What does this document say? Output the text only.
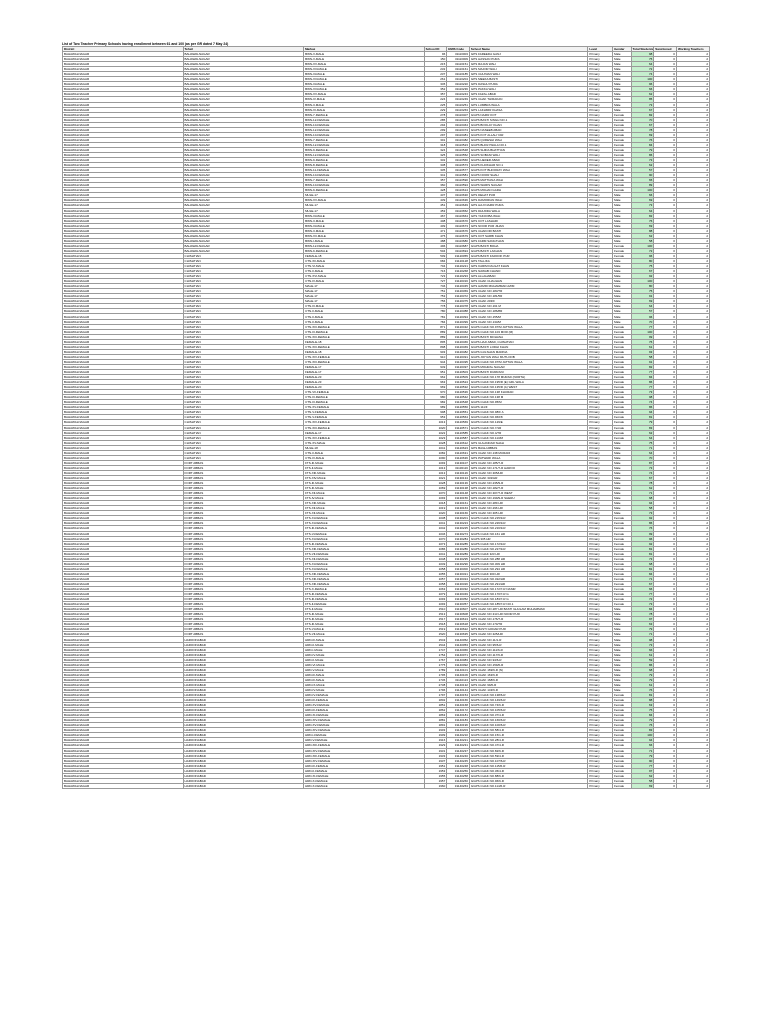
List of Two Teacher Primary Schools having enrollment between 61 and 100 (as per GR dated 7 May 24)
District	Tehsil	Markaz	School ID	EMIS Code	School Name	Level	Gender	Total Students	Sanctioned	Working Teachers
BAHAWALNAGAR	BAHAWALNAGAR	BWN-V-MALE	96	31110003	GPS FAREEDA GANJ	Primary	Male	98	0	2
BAHAWALNAGAR	BAHAWALNAGAR	BWN-V-MALE	150	31110009	GPS HASSAN PURA	Primary	Male	75	0	2
BAHAWALNAGAR	BAHAWALNAGAR	BWN-XV-MALE	215	31110151	GPS RAJAN WALI	Primary	Male	64	0	2
BAHAWALNAGAR	BAHAWALNAGAR	BWN-XIII-MALE	232	31110161	GPS MAJOR WALI	Primary	Male	72	0	2
BAHAWALNAGAR	BAHAWALNAGAR	BWN-III-MALE	237	31110185	GPS CHUNIAN WALI	Primary	Male	74	0	2
BAHAWALNAGAR	BAHAWALNAGAR	BWN-XIII-MALE	261	31110204	GPS MEEKA BASTI	Primary	Male	100	0	2
BAHAWALNAGAR	BAHAWALNAGAR	BWN-III-MALE	345	31110220	GPS DASHU PURA	Primary	Male	96	0	2
BAHAWALNAGAR	BAHAWALNAGAR	BWN-XIII-MALE	352	31110236	GPS PAKKA WALI	Primary	Male	66	0	2
BAHAWALNAGAR	BAHAWALNAGAR	BWN-XV-MALE	357	31110243	GPS FAZAL ABAD	Primary	Male	62	0	2
BAHAWALNAGAR	BAHAWALNAGAR	BWN-IV-MALE	224	31110249	GPS CHAK THIRAKAN	Primary	Male	85	0	2
BAHAWALNAGAR	BAHAWALNAGAR	BWN-II-MALE	225	31110251	GPS LUMBRA WALA	Primary	Male	73	0	2
BAHAWALNAGAR	BAHAWALNAGAR	BWN-XI-MALE	229	31110263	GPS LAKHMIR KHASA	Primary	Male	67	0	2
BAHAWALNAGAR	BAHAWALNAGAR	BWN-7-FEMALE	278	31110407	GGPS NAZIR KOT	Primary	Female	82	0	2
BAHAWALNAGAR	BAHAWALNAGAR	BWN-12-FEMALE	285	31110423	GGPS BASTI SINGH NO.1	Primary	Female	70	0	2
BAHAWALNAGAR	BAHAWALNAGAR	BWN-10-FEMALE	294	31110464	GGPS BOOLAY KHAN	Primary	Female	67	0	2
BAHAWALNAGAR	BAHAWALNAGAR	BWN-12-FEMALE	299	31110474	GGPS NASEEB ABAD	Primary	Female	78	0	2
BAHAWALNAGAR	BAHAWALNAGAR	BWN-10-FEMALE	297	31110481	GGPS KOT ALLAH YAR	Primary	Female	69	0	2
BAHAWALNAGAR	BAHAWALNAGAR	BWN-7-FEMALE	301	31110482	GGPS QURESHI WALI	Primary	Female	76	0	2
BAHAWALNAGAR	BAHAWALNAGAR	BWN-12-FEMALE	318	31110523	GGPS BHOLYWALA NO.1	Primary	Female	84	0	2
BAHAWALNAGAR	BAHAWALNAGAR	BWN-9-FEMALE	324	31110548	GGPS SHIDA BHATTIAN	Primary	Female	79	0	2
BAHAWALNAGAR	BAHAWALNAGAR	BWN-12-FEMALE	325	31110552	GGPS SOBANI WALI	Primary	Female	86	0	2
BAHAWALNAGAR	BAHAWALNAGAR	BWN-9-FEMALE	332	31110560	GGPS HEDER ABAD	Primary	Female	73	0	2
BAHAWALNAGAR	BAHAWALNAGAR	BWN-8-FEMALE	338	31110573	GGPS KHOKHAR NO.1	Primary	Female	62	0	2
BAHAWALNAGAR	BAHAWALNAGAR	BWN-11-FEMALE	335	31110577	GGPS KOT BHOORAY WALI	Primary	Female	57	0	2
BAHAWALNAGAR	BAHAWALNAGAR	BWN-10-FEMALE	341	31110581	GGPS NOOR SHAH	Primary	Female	90	0	2
BAHAWALNAGAR	BAHAWALNAGAR	BWN-7-FEMALE	357	31110590	GGPS MATTIANA WALI	Primary	Female	65	0	2
BAHAWALNAGAR	BAHAWALNAGAR	BWN-10-FEMALE	360	31110594	GGPS WARIS NAGAR	Primary	Female	89	0	2
BAHAWALNAGAR	BAHAWALNAGAR	BWN-9-FEMALE	428	31110614	GGPS MOHAN GARH	Primary	Female	100	0	2
BAHAWALNAGAR	BAHAWALNAGAR	MULE-17	437	31110630	GPS DEHAT PUR	Primary	Male	66	0	2
BAHAWALNAGAR	BAHAWALNAGAR	BWN-XV-MALE	439	31110636	GPS DAMORIAN WALI	Primary	Male	69	0	2
BAHAWALNAGAR	BAHAWALNAGAR	MULE-17	451	31110649	GPS HAJI NAZIR PURA	Primary	Male	73	0	2
BAHAWALNAGAR	BAHAWALNAGAR	MULE-17	453	31110652	GPS DHUDDA WALA	Primary	Male	64	0	2
BAHAWALNAGAR	BAHAWALNAGAR	BWN-III-MALE	467	31110664	GPS YAKOOBA WALI	Primary	Male	82	0	2
BAHAWALNAGAR	BAHAWALNAGAR	BWN-II-MALE	408	31110670	GPS KOT LASHARI	Primary	Male	76	0	2
BAHAWALNAGAR	BAHAWALNAGAR	BWN-III-MALE	409	31110673	GPS NOOR PUR JIHAN	Primary	Male	69	0	2
BAHAWALNAGAR	BAHAWALNAGAR	BWN-II-MALE	471	31110676	GPS CHAKORI BASTI	Primary	Male	88	0	2
BAHAWALNAGAR	BAHAWALNAGAR	BWN-XII-MALE	475	31110679	GPS KOT SARBI KHAN	Primary	Male	62	0	2
BAHAWALNAGAR	BAHAWALNAGAR	BWN-I-MALE	488	31110680	GPS FARM SANGTHAN	Primary	Male	58	0	2
BAHAWALNAGAR	BAHAWALNAGAR	BWN-12-FEMALE	496	31110687	GGPS BASTI BOHA	Primary	Female	100	0	2
BAHAWALNAGAR	BAHAWALNAGAR	BWN-9-FEMALE	504	31110694	GGPS BASTI LAKHAN	Primary	Female	72	0	2
BAHAWALNAGAR	CHISHTIAN	FEMALE-18	509	31120055	GGPS BASTI FAROOK PUR	Primary	Female	96	0	2
BAHAWALNAGAR	CHISHTIAN	CTN-XII-MALE	684	31120128	GPS TALLIKA	Primary	Male	80	0	2
BAHAWALNAGAR	CHISHTIAN	CTN-VI-MALE	704	31120221	GPS KARIM DAULAT KHAN	Primary	Male	75	0	2
BAHAWALNAGAR	CHISHTIAN	CTN-II-MALE	716	31120268	GPS NAWAB CHAND	Primary	Male	67	0	2
BAHAWALNAGAR	CHISHTIAN	CTN-XVI-MALE	723	31120293	GPS ALLAHABAD	Primary	Male	92	0	2
BAHAWALNAGAR	CHISHTIAN	CTN-IV-MALE	727	31120316	GPS CHAK CHAUHAN	Primary	Male	100	0	2
BAHAWALNAGAR	CHISHTIAN	MALE-17	746	31120345	GPS HAMID MUHAMMAD AZIM	Primary	Male	80	0	2
BAHAWALNAGAR	CHISHTIAN	MALE-17	751	31120369	GPS CHAK NO.183/7R	Primary	Male	75	0	2
BAHAWALNAGAR	CHISHTIAN	MALE-17	753	31120372	GPS CHAK NO.181/5R	Primary	Male	91	0	2
BAHAWALNAGAR	CHISHTIAN	MALE-17	756	31120375	GPS CHAK 203/F	Primary	Male	69	0	2
BAHAWALNAGAR	CHISHTIAN	CTN-III-MALE	778	31120378	GPS CHAK NO.161 M	Primary	Male	64	0	2
BAHAWALNAGAR	CHISHTIAN	CTN-II-MALE	780	31120388	GPS CHAK NO.186/8R	Primary	Male	57	0	2
BAHAWALNAGAR	CHISHTIAN	CTN-II-MALE	781	31120394	GPS CHAK NO.155/M	Primary	Male	96	0	2
BAHAWALNAGAR	CHISHTIAN	CTN-II-MALE	784	31120399	GPS CHAK NO.133/M	Primary	Male	70	0	2
BAHAWALNAGAR	CHISHTIAN	CTN-XIII-FEMALE	871	31120432	GGPS CHAK NO.97/M JATTAN WALA	Primary	Female	77	0	2
BAHAWALNAGAR	CHISHTIAN	CTN-III-FEMALE	889	31120462	GGPS CHAK NO.103 MOR (M)	Primary	Female	100	0	2
BAHAWALNAGAR	CHISHTIAN	CTN-XIII-FEMALE	889	31120463	GGPS BASTI MOHANA	Primary	Female	99	0	2
BAHAWALNAGAR	CHISHTIAN	FEMALE-18	895	31120466	GGPS HAJI ABAD, CHISHTIAN	Primary	Female	76	0	2
BAHAWALNAGAR	CHISHTIAN	CTN-XIII-FEMALE	898	31120469	GGPS BASTI LODHI KHAN	Primary	Female	61	0	2
BAHAWALNAGAR	CHISHTIAN	FEMALE-18	903	31120482	GGPS GULSHAN MADINA	Primary	Female	93	0	2
BAHAWALNAGAR	CHISHTIAN	CTN-XIV-FEMALE	910	31120491	GGPS JOIYAN WALI MUTLOOB	Primary	Female	58	0	2
BAHAWALNAGAR	CHISHTIAN	CTN-XIII-FEMALE	944	31120495	GGPS CHAK NO.97/M JATTAN WALA	Primary	Female	91	0	2
BAHAWALNAGAR	CHISHTIAN	FEMALE-17	949	31120497	GGPS MOHRAL NAGAR	Primary	Female	82	0	2
BAHAWALNAGAR	CHISHTIAN	FEMALE-17	951	31120503	GGPS BASTI DURRANI	Primary	Female	77	0	2
BAHAWALNAGAR	CHISHTIAN	FEMALE-23	962	31120509	GGPS CHAK NO.178 MURAD (NORTH)	Primary	Female	84	0	2
BAHAWALNAGAR	CHISHTIAN	FEMALE-23	963	31120524	GGPS CHAK NO.195/R (E) GRL WALA	Primary	Female	86	0	2
BAHAWALNAGAR	CHISHTIAN	FEMALE-20	969	31120532	GGPS CHAK NO.135/R (A) WEST	Primary	Female	77	0	2
BAHAWALNAGAR	CHISHTIAN	CTN-VII-FEMALE	970	31120536	GGPS CHAK NO.138 KHURAD	Primary	Female	73	0	2
BAHAWALNAGAR	CHISHTIAN	CTN-III-FEMALE	980	31120542	GGPS CHAK NO.138 M	Primary	Female	98	0	2
BAHAWALNAGAR	CHISHTIAN	CTN-III-FEMALE	982	31120548	GGPS CHAK NO.95/M	Primary	Female	74	0	2
BAHAWALNAGAR	CHISHTIAN	CTN-XV-FEMALE	989	31120550	GGPS 111/F	Primary	Female	86	0	2
BAHAWALNAGAR	CHISHTIAN	CTN-V-FEMALE	998	31120551	GGPS CHAK NO.98/F A	Primary	Female	94	0	2
BAHAWALNAGAR	CHISHTIAN	CTN-V-FEMALE	953	31120564	GGPS CHAK NO.96/F8	Primary	Female	81	0	2
BAHAWALNAGAR	CHISHTIAN	CTN-XIV-FEMALE	1013	31120569	GGPS CHAK NO.129/E	Primary	Female	79	0	2
BAHAWALNAGAR	CHISHTIAN	CTN-XIII-FEMALE	1020	31120571	GGPS CHAK NO.7/1R	Primary	Female	83	0	2
BAHAWALNAGAR	CHISHTIAN	FEMALE-17	1022	31120585	GGPS CHAK NO.4/7R	Primary	Female	62	0	2
BAHAWALNAGAR	CHISHTIAN	CTN-XIV-FEMALE	1023	31120587	GGPS CHAK NO.113/M	Primary	Female	64	0	2
BAHAWALNAGAR	CHISHTIAN	CTN-XV-MALE	1028	31120612	GPS GULANDAR SHAH	Primary	Male	75	0	2
BAHAWALNAGAR	CHISHTIAN	MULE-18	1041	31120623	GPS BAGH ABBAS	Primary	Male	71	0	2
BAHAWALNAGAR	CHISHTIAN	CTN-II-MALE	1082	31120631	GPS CHAK NO.138 MURADI	Primary	Male	64	0	2
BAHAWALNAGAR	CHISHTIAN	CTN-IV-MALE	1090	31120636	GPS PATWARI WALA	Primary	Male	70	0	2
BAHAWALNAGAR	FORT ABBAS	FTS-III-MALE	1093	31130107	GPS CHAK NO.185/7-R	Primary	Male	87	0	2
BAHAWALNAGAR	FORT ABBAS	FTS-II-MALE	1013	31130116	GPS CHAK NO.171/7-R HAROO	Primary	Male	73	0	2
BAHAWALNAGAR	FORT ABBAS	FTS-XIII-MALE	1013	31130126	GPS CHAK NO.305/HR	Primary	Male	74	0	2
BAHAWALNAGAR	FORT ABBAS	FTS-XIV-MALE	1021	31130134	GPS CHAK 332/HR	Primary	Male	67	0	2
BAHAWALNAGAR	FORT ABBAS	FTS-III-MALE	1028	31130136	GPS CHAK NO.235/9-R	Primary	Male	78	0	2
BAHAWALNAGAR	FORT ABBAS	FTS-III-MALE	1069	31130138	GPS CHAK NO.182/7-R	Primary	Male	62	0	2
BAHAWALNAGAR	FORT ABBAS	FTS-XII-MALE	1070	31130148	GPS CHAK NO.307/7-R WEST	Primary	Male	71	0	2
BAHAWALNAGAR	FORT ABBAS	FTS-IV-MALE	1093	31130156	GPS CHAK NO.199/9-R SHERU	Primary	Male	68	0	2
BAHAWALNAGAR	FORT ABBAS	FTS-XIII-MALE	1018	31130161	GPS CHAK NO.289 HR	Primary	Male	94	0	2
BAHAWALNAGAR	FORT ABBAS	FTS-XII-MALE	1019	31130163	GPS CHAK NO.296 HR	Primary	Male	58	0	2
BAHAWALNAGAR	FORT ABBAS	FTS-XII-MALE	1020	31130166	GPS CHAK NO.305 HR	Primary	Male	73	0	2
BAHAWALNAGAR	FORT ABBAS	FTS-XI-FEMALE	1038	31130201	GGPS CHAK NO.215/9-R	Primary	Female	92	0	2
BAHAWALNAGAR	FORT ABBAS	FTS-XI-FEMALE	1041	31130223	GGPS CHAK NO.226/9-R	Primary	Female	86	0	2
BAHAWALNAGAR	FORT ABBAS	FTS-III-FEMALE	1042	31130225	GGPS CHAK NO.216/9-R	Primary	Female	76	0	2
BAHAWALNAGAR	FORT ABBAS	FTS-V-FEMALE	1046	31130273	GGPS CHAK NO.161 HR	Primary	Female	99	0	2
BAHAWALNAGAR	FORT ABBAS	FTS-XI-FEMALE	1070	31130284	GGPS 305 HR	Primary	Female	96	0	2
BAHAWALNAGAR	FORT ABBAS	FTS-III-FEMALE	1073	31130285	GGPS CHAK NO.172/9-R	Primary	Female	92	0	2
BAHAWALNAGAR	FORT ABBAS	FTS-XIII-FEMALE	1086	31130286	GGPS CHAK NO.227/9-R	Primary	Female	81	0	2
BAHAWALNAGAR	FORT ABBAS	FTS-VII-FEMALE	1041	31130289	GGPS CHAK 323 HR	Primary	Female	81	0	2
BAHAWALNAGAR	FORT ABBAS	FTS-XII-FEMALE	1048	31130295	GGPS CHAK NO.288 HR	Primary	Female	73	0	2
BAHAWALNAGAR	FORT ABBAS	FTS-XI-FEMALE	1049	31130296	GGPS CHAK NO.309 HR	Primary	Female	68	0	2
BAHAWALNAGAR	FORT ABBAS	FTS-XI-FEMALE	1058	31130300	GGPS CHAK NO.294 HR	Primary	Female	81	0	2
BAHAWALNAGAR	FORT ABBAS	FTS-XIII-FEMALE	1055	31130321	GGPS CHAK 300 HR	Primary	Female	84	0	2
BAHAWALNAGAR	FORT ABBAS	FTS-XIII-FEMALE	1057	31130324	GGPS CHAK NO.322/HR	Primary	Female	71	0	2
BAHAWALNAGAR	FORT ABBAS	FTS-XIII-FEMALE	1058	31130326	GGPS CHAK NO.291/HR	Primary	Female	67	0	2
BAHAWALNAGAR	FORT ABBAS	FTS-X-FEMALE	1063	31130332	GGPS CHAK NO.172/7-R NASIR	Primary	Female	66	0	2
BAHAWALNAGAR	FORT ABBAS	FTS-III-FEMALE	1079	31130349	GGPS CHAK NO.170/7-R G	Primary	Female	77	0	2
BAHAWALNAGAR	FORT ABBAS	FTS-III-FEMALE	1093	31130352	GGPS CHAK NO.183/7-R G	Primary	Female	72	0	2
BAHAWALNAGAR	FORT ABBAS	FTS-II-FEMALE	1093	31130357	GGPS CHAK NO.185/7-R NO.1	Primary	Female	73	0	2
BAHAWALNAGAR	FORT ABBAS	FTS-II-MALE	1510	31130607	GPS CHAK NO.287 HR BASTI GHULAM MUHAMMAD	Primary	Male	84	0	2
BAHAWALNAGAR	FORT ABBAS	FTS-III-MALE	1513	31130608	GPS CHAK NO.313 HR NOOR PUR	Primary	Male	78	0	2
BAHAWALNAGAR	FORT ABBAS	FTS-III-MALE	1517	31130613	GPS CHAK NO.176/7-R	Primary	Male	97	0	2
BAHAWALNAGAR	FORT ABBAS	FTS-III-MALE	1518	31130618	GPS CHAK NO.170/7R	Primary	Male	63	0	2
BAHAWALNAGAR	FORT ABBAS	FTS-VI-MALE	1519	31130622	GPS BASTI GODAR PUR	Primary	Male	79	0	2
BAHAWALNAGAR	FORT ABBAS	FTS-VII-MALE	1520	31130635	GPS CHAK NO.325/HR	Primary	Male	71	0	2
BAHAWALNAGAR	HAROONABAD	HRD-III-MALE	1543	31140052	GPS CHAK NO.11/1-R	Primary	Male	98	0	2
BAHAWALNAGAR	HAROONABAD	HRD-II-MALE	1544	31140053	GPS CHAK NO.95/6-R	Primary	Male	73	0	2
BAHAWALNAGAR	HAROONABAD	HRD-I-MALE	1747	31140066	GPS CHAK NO.111/6-R	Primary	Male	66	0	2
BAHAWALNAGAR	HAROONABAD	HRD-IV-MALE	1754	31140071	GPS CHAK NO.117/6-R	Primary	Male	61	0	2
BAHAWALNAGAR	HAROONABAD	HRD-II-MALE	1767	31140083	GPS CHAK NO.94/6-R	Primary	Male	59	0	2
BAHAWALNAGAR	HAROONABAD	HRD-VI-MALE	1775	31140092	GPS CHAK NO.159/6-R	Primary	Male	86	0	2
BAHAWALNAGAR	HAROONABAD	HRD-V-MALE	1789	31140101	GPS CHAK 169/6-R (N)	Primary	Male	68	0	2
BAHAWALNAGAR	HAROONABAD	HRD-III-MALE	1795	31140106	GPS CHAK 163/6-R	Primary	Male	79	0	2
BAHAWALNAGAR	HAROONABAD	HRD-III-MALE	1736	31140113	GPS CHAK 168/6-R	Primary	Male	79	0	2
BAHAWALNAGAR	HAROONABAD	HRD-IX-MALE	2738	31140132	GPS CHAK 99/6-R	Primary	Male	61	0	2
BAHAWALNAGAR	HAROONABAD	HRD-IV-MALE	1796	31140144	GPS CHAK 143/6-R	Primary	Male	76	0	2
BAHAWALNAGAR	HAROONABAD	HRD-IV-FEMALE	1797	31140154	GGPS CHAK NO.138/6-R	Primary	Female	81	0	2
BAHAWALNAGAR	HAROONABAD	HRD-III-FEMALE	1802	31140166	GGPS CHAK NO.149/6-R	Primary	Female	88	0	2
BAHAWALNAGAR	HAROONABAD	HRD-XV-FEMALE	1851	31140168	GGPS CHAK NO.74/6-R	Primary	Female	63	0	2
BAHAWALNAGAR	HAROONABAD	HRD-III-FEMALE	1862	31140172	GGPS CHAK NO.105/6-R	Primary	Female	75	0	2
BAHAWALNAGAR	HAROONABAD	HRD-XI-FEMALE	1863	31140181	GGPS CHAK NO.37/4-R	Primary	Female	84	0	2
BAHAWALNAGAR	HAROONABAD	HRD-XIV-FEMALE	1881	31140183	GGPS CHAK NO.166/6-R	Primary	Female	79	0	2
BAHAWALNAGAR	HAROONABAD	HRD-XV-FEMALE	1891	31140196	GGPS CHAK NO.100/6-R	Primary	Female	76	0	2
BAHAWALNAGAR	HAROONABAD	HRD-XIV-FEMALE	1903	31140203	GGPS CHAK NO.58/4-R	Primary	Female	83	0	2
BAHAWALNAGAR	HAROONABAD	HRD-I-FEMALE	1909	31140210	GGPS CHAK NO.15/1-R	Primary	Female	100	0	2
BAHAWALNAGAR	HAROONABAD	HRD-V-FEMALE	1916	31140221	GGPS CHAK NO.28/4-R	Primary	Female	94	0	2
BAHAWALNAGAR	HAROONABAD	HRD-XIII-FEMALE	1929	31140231	GGPS CHAK NO.47/4-R	Primary	Female	66	0	2
BAHAWALNAGAR	HAROONABAD	HRD-XIV-FEMALE	1931	31140237	GGPS CHAK NO.82/6-R	Primary	Female	71	0	2
BAHAWALNAGAR	HAROONABAD	HRD-XIII-FEMALE	1933	31140240	GGPS CHAK NO.59/4-R	Primary	Female	79	0	2
BAHAWALNAGAR	HAROONABAD	HRD-XIV-FEMALE	1937	31140245	GGPS CHAK NO.107/6-R	Primary	Female	90	0	2
BAHAWALNAGAR	HAROONABAD	HRD-III-FEMALE	1951	31140248	GGPS CHAK NO.115/6-R	Primary	Female	77	0	2
BAHAWALNAGAR	HAROONABAD	HRD-II-FEMALE	1953	31140256	GGPS CHAK NO.36/4-R	Primary	Female	97	0	2
BAHAWALNAGAR	HAROONABAD	HRD-XI-FEMALE	1955	31140258	GGPS CHAK NO.88/6-R	Primary	Female	62	0	2
BAHAWALNAGAR	HAROONABAD	HRD-X-FEMALE	1957	31140260	GGPS CHAK NO.96/6-R	Primary	Female	58	0	2
BAHAWALNAGAR	HAROONABAD	HRD-X-FEMALE	1960	31140263	GGPS CHAK NO.114/6-R	Primary	Female	69	0	2
